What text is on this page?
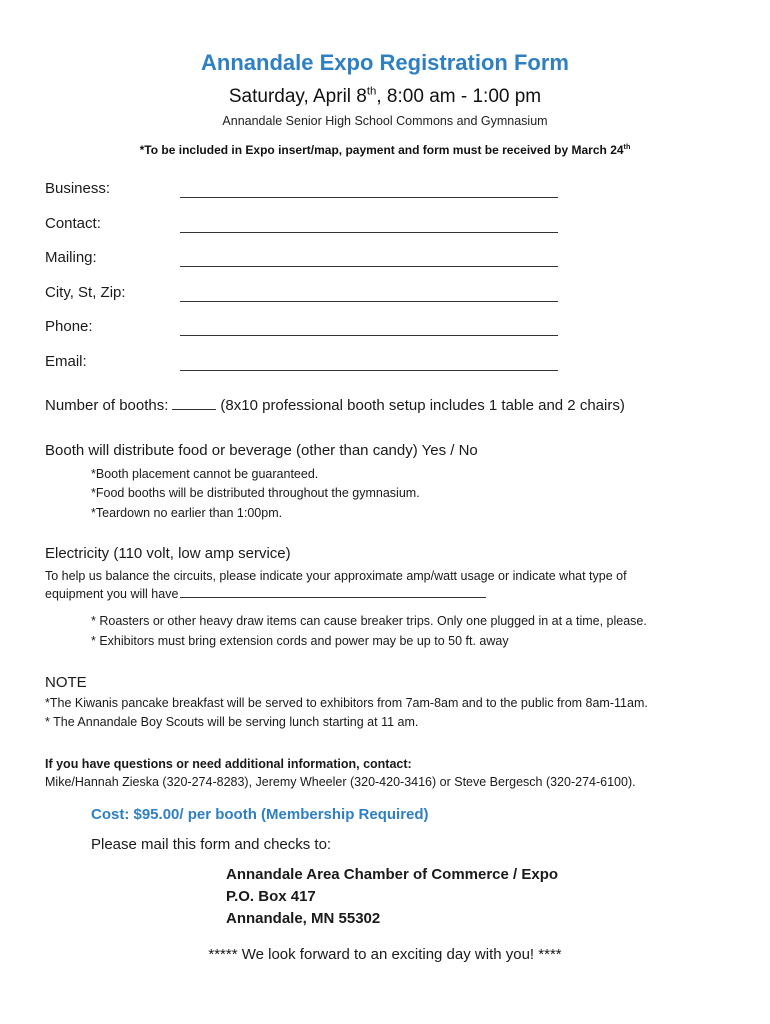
Annandale Expo Registration Form
Saturday, April 8th, 8:00 am - 1:00 pm
Annandale Senior High School Commons and Gymnasium
*To be included in Expo insert/map, payment and form must be received by March 24th
Business:
Contact:
Mailing:
City, St, Zip:
Phone:
Email:
Number of booths:	(8x10 professional booth setup includes 1 table and 2 chairs)
Booth will distribute food or beverage (other than candy) Yes / No
*Booth placement cannot be guaranteed.
*Food booths will be distributed throughout the gymnasium.
*Teardown no earlier than 1:00pm.
Electricity (110 volt, low amp service)
To help us balance the circuits, please indicate your approximate amp/watt usage or indicate what type of
equipment you will have
* Roasters or other heavy draw items can cause breaker trips. Only one plugged in at a time, please.
* Exhibitors must bring extension cords and power may be up to 50 ft. away
NOTE
*The Kiwanis pancake breakfast will be served to exhibitors from 7am-8am and to the public from 8am-11am.
* The Annandale Boy Scouts will be serving lunch starting at 11 am.
If you have questions or need additional information, contact:
Mike/Hannah Zieska (320-274-8283), Jeremy Wheeler (320-420-3416) or Steve Bergesch (320-274-6100).
Cost: $95.00/ per booth (Membership Required)
Please mail this form and checks to:
Annandale Area Chamber of Commerce / Expo
P.O. Box 417
Annandale, MN 55302
***** We look forward to an exciting day with you! ****
